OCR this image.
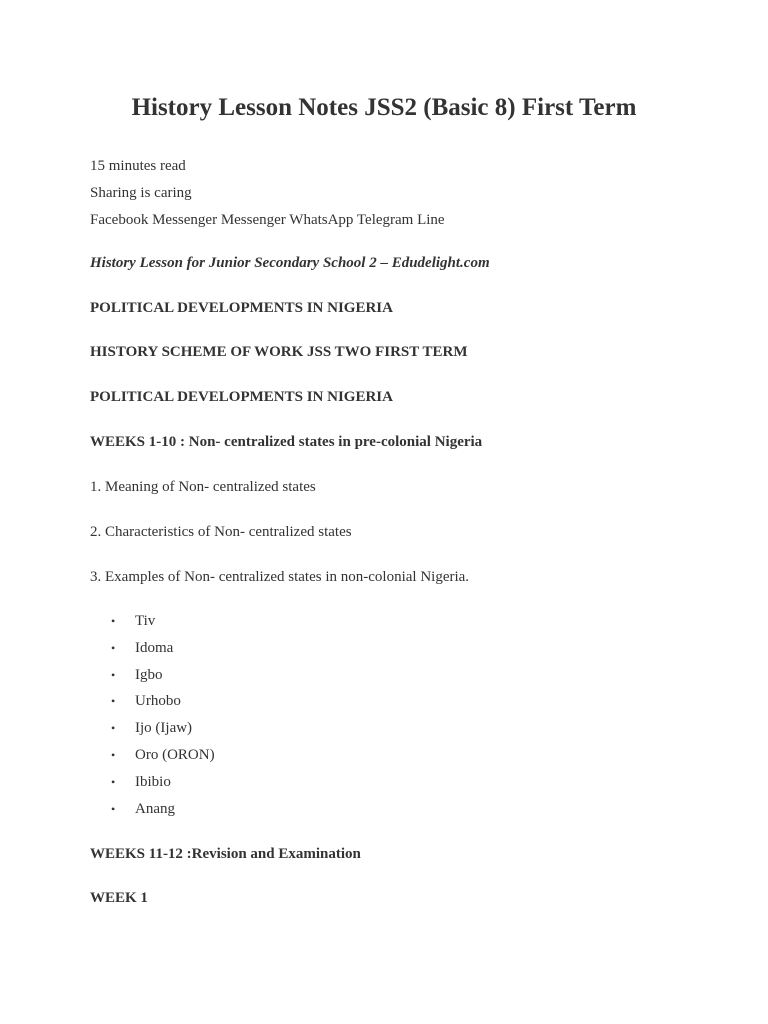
History Lesson Notes JSS2 (Basic 8) First Term
15 minutes read
Sharing is caring
Facebook Messenger Messenger WhatsApp Telegram Line

History Lesson for Junior Secondary School 2 – Edudelight.com

POLITICAL DEVELOPMENTS IN NIGERIA

HISTORY SCHEME OF WORK JSS TWO FIRST TERM

POLITICAL DEVELOPMENTS IN NIGERIA

WEEKS 1-10 : Non- centralized states in pre-colonial Nigeria

1. Meaning of Non- centralized states

2. Characteristics of Non- centralized states

3. Examples of Non- centralized states in non-colonial Nigeria.

• Tiv
• Idoma
• Igbo
• Urhobo
• Ijo (Ijaw)
• Oro (ORON)
• Ibibio
• Anang

WEEKS 11-12 :Revision and Examination

WEEK 1
